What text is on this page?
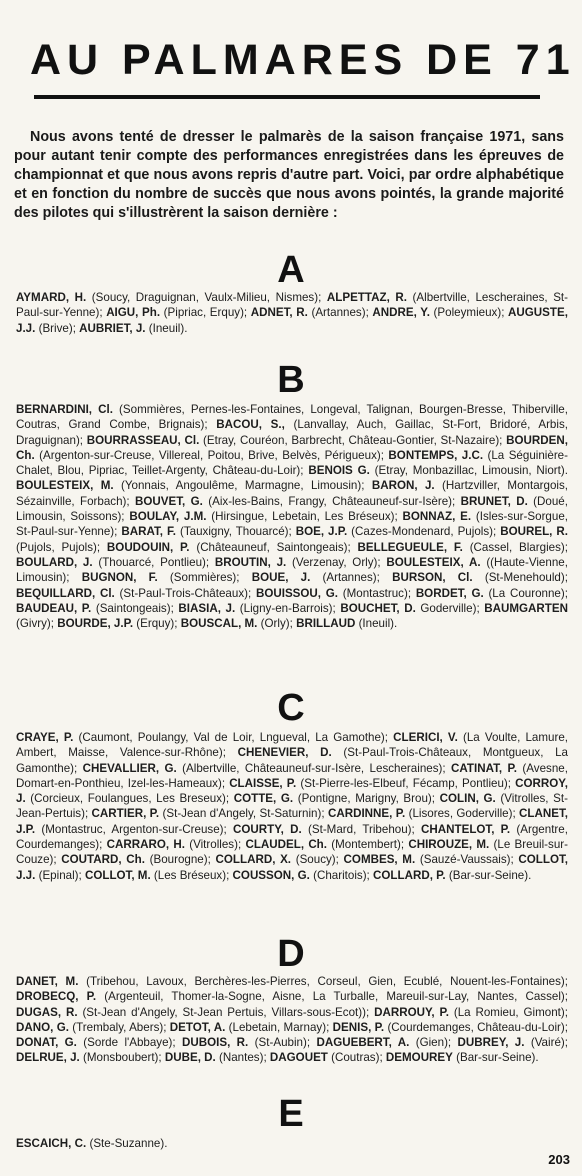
AU PALMARES DE 71
Nous avons tenté de dresser le palmarès de la saison française 1971, sans pour autant tenir compte des performances enregistrées dans les épreuves de championnat et que nous avons repris d'autre part. Voici, par ordre alphabétique et en fonction du nombre de succès que nous avons pointés, la grande majorité des pilotes qui s'illustrèrent la saison dernière :
A
AYMARD, H. (Soucy, Draguignan, Vaulx-Milieu, Nismes); ALPETTAZ, R. (Albertville, Lescheraines, St-Paul-sur-Yenne); AIGU, Ph. (Pipriac, Erquy); ADNET, R. (Artannes); ANDRE, Y. (Poleymieux); AUGUSTE, J.J. (Brive); AUBRIET, J. (Ineuil).
B
BERNARDINI, Cl. (Sommières, Pernes-les-Fontaines, Longeval, Talignan, Bourgen-Bresse, Thiberville, Coutras, Grand Combe, Brignais); BACOU, S., (Lanvallay, Auch, Gaillac, St-Fort, Bridoré, Arbis, Draguignan); BOURRASSEAU, Cl. (Etray, Couréon, Barbrecht, Château-Gontier, St-Nazaire); BOURDEN, Ch. (Argenton-sur-Creuse, Villereal, Poitou, Brive, Belvès, Périgueux); BONTEMPS, J.C. (La Séguinière-Chalet, Blou, Pipriac, Teillet-Argenty, Château-du-Loir); BENOIS G. (Etray, Monbazillac, Limousin, Niort). BOULESTEIX, M. (Yonnais, Angoulême, Marmagne, Limousin); BARON, J. (Hartzviller, Montargois, Sézainville, Forbach); BOUVET, G. (Aix-les-Bains, Frangy, Châteauneuf-sur-Isère); BRUNET, D. (Doué, Limousin, Soissons); BOULAY, J.M. (Hirsingue, Lebetain, Les Bréseux); BONNAZ, E. (Isles-sur-Sorgue, St-Paul-sur-Yenne); BARAT, F. (Tauxigny, Thouarcé); BOE, J.P. (Cazes-Mondenard, Pujols); BOUREL, R. (Pujols, Pujols); BOUDOUIN, P. (Châteauneuf, Saintongeais); BELLEGUEULE, F. (Cassel, Blargies); BOULARD, J. (Thouarcé, Pontlieu); BROUTIN, J. (Verzenay, Orly); BOULESTEIX, A. ((Haute-Vienne, Limousin); BUGNON, F. (Sommières); BOUE, J. (Artannes); BURSON, Cl. (St-Menehould); BEQUILLARD, Cl. (St-Paul-Trois-Châteaux); BOUISSOU, G. (Montastruc); BORDET, G. (La Couronne); BAUDEAU, P. (Saintongeais); BIASIA, J. (Ligny-en-Barrois); BOUCHET, D. Goderville); BAUMGARTEN (Givry); BOURDE, J.P. (Erquy); BOUSCAL, M. (Orly); BRILLAUD (Ineuil).
C
CRAYE, P. (Caumont, Poulangy, Val de Loir, Lngueval, La Gamothe); CLERICI, V. (La Voulte, Lamure, Ambert, Maisse, Valence-sur-Rhône); CHENEVIER, D. (St-Paul-Trois-Châteaux, Montgueux, La Gamonthe); CHEVALLIER, G. (Albertville, Châteauneuf-sur-Isère, Lescheraines); CATINAT, P. (Avesne, Domart-en-Ponthieu, Izel-les-Hameaux); CLAISSE, P. (St-Pierre-les-Elbeuf, Fécamp, Pontlieu); CORROY, J. (Corcieux, Foulangues, Les Breseux); COTTE, G. (Pontigne, Marigny, Brou); COLIN, G. (Vitrolles, St-Jean-Pertuis); CARTIER, P. (St-Jean d'Angely, St-Saturnin); CARDINNE, P. (Lisores, Goderville); CLANET, J.P. (Montastruc, Argenton-sur-Creuse); COURTY, D. (St-Mard, Tribehou); CHANTELOT, P. (Argentre, Courdemanges); CARRARO, H. (Vitrolles); CLAUDEL, Ch. (Montembert); CHIROUZE, M. (Le Breuil-sur-Couze); COUTARD, Ch. (Bourogne); COLLARD, X. (Soucy); COMBES, M. (Sauzé-Vaussais); COLLOT, J.J. (Epinal); COLLOT, M. (Les Bréseux); COUSSON, G. (Charitois); COLLARD, P. (Bar-sur-Seine).
D
DANET, M. (Tribehou, Lavoux, Berchères-les-Pierres, Corseul, Gien, Ecublé, Nouent-les-Fontaines); DROBECQ, P. (Argenteuil, Thomer-la-Sogne, Aisne, La Turballe, Mareuil-sur-Lay, Nantes, Cassel); DUGAS, R. (St-Jean d'Angely, St-Jean Pertuis, Villars-sous-Ecot)); DARROUY, P. (La Romieu, Gimont); DANO, G. (Trembaly, Abers); DETOT, A. (Lebetain, Marnay); DENIS, P. (Courdemanges, Château-du-Loir); DONAT, G. (Sorde l'Abbaye); DUBOIS, R. (St-Aubin); DAGUEBERT, A. (Gien); DUBREY, J. (Vairé); DELRUE, J. (Monsboubert); DUBE, D. (Nantes); DAGOUET (Coutras); DEMOUREY (Bar-sur-Seine).
E
ESCAICH, C. (Ste-Suzanne).
203
